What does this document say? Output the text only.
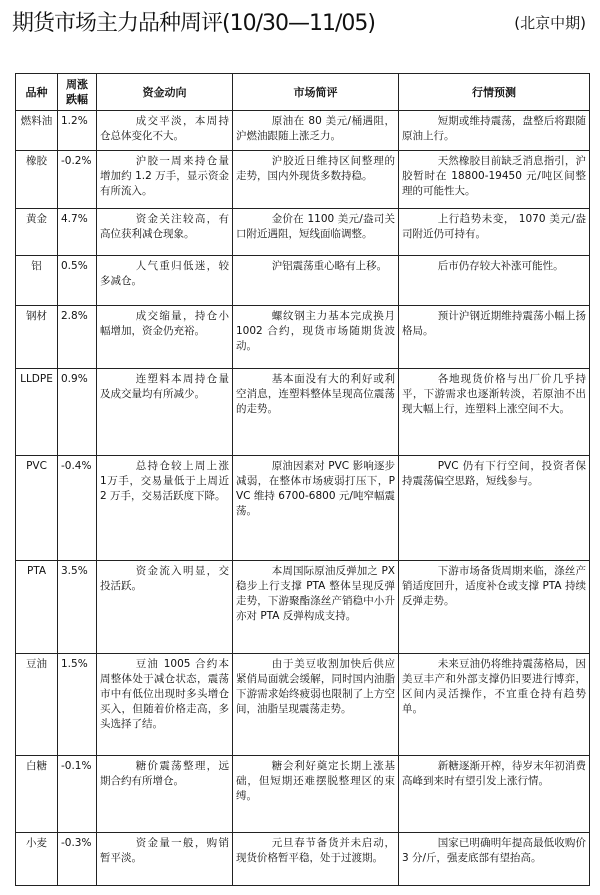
期货市场主力品种周评(10/30—11/05)	(北京中期)
品种	周涨跌幅	资金动向	市场简评	行情预测
燃料油	1.2%	成交平淡，本周持仓总体变化不大。	原油在 80 美元/桶遇阻，沪燃油跟随上涨乏力。	短期或维持震荡，盘整后将跟随原油上行。
橡胶	-0.2%	沪胶一周来持仓量增加约 1.2 万手，显示资金有所流入。	沪胶近日维持区间整理的走势，国内外现货多数持稳。	天然橡胶目前缺乏消息指引，沪胶暂时在 18800-19450 元/吨区间整理的可能性大。
黄金	4.7%	资金关注较高，有高位获利减仓现象。	金价在 1100 美元/盎司关口附近遇阻，短线面临调整。	上行趋势未变， 1070 美元/盎司附近仍可持有。
铝	0.5%	人气重归低迷，较多减仓。	沪铝震荡重心略有上移。	后市仍存较大补涨可能性。
钢材	2.8%	成交缩量，持仓小幅增加，资金仍充裕。	螺纹钢主力基本完成换月 1002 合约，现货市场随期货波动。	预计沪钢近期维持震荡小幅上扬格局。
LLDPE	0.9%	连塑料本周持仓量及成交量均有所减少。	基本面没有大的利好或利空消息，连塑料整体呈现高位震荡的走势。	各地现货价格与出厂价几乎持平，下游需求也逐渐转淡，若原油不出现大幅上行，连塑料上涨空间不大。
PVC	-0.4%	总持仓较上周上涨 1万手，交易量低于上周近 2 万手，交易活跃度下降。	原油因素对 PVC 影响逐步减弱，在整体市场疲弱打压下，PVC 维持 6700-6800 元/吨窄幅震荡。	PVC 仍有下行空间，投资者保持震荡偏空思路，短线参与。
PTA	3.5%	资金流入明显，交投活跃。	本周国际原油反弹加之 PX 稳步上行支撑 PTA 整体呈现反弹走势，下游聚酯涤丝产销稳中小升亦对 PTA 反弹构成支持。	下游市场备货周期来临，涤丝产销适度回升，适度补仓或支撑 PTA 持续反弹走势。
豆油	1.5%	豆油 1005 合约本周整体处于减仓状态，震荡市中有低位出现时多头增仓买入，但随着价格走高，多头选择了结。	由于美豆收割加快后供应紧俏局面就会缓解，同时国内油脂下游需求始终疲弱也限制了上方空间，油脂呈现震荡走势。	未来豆油仍将维持震荡格局，因美豆丰产和外部支撑仍旧要进行博弈，区间内灵活操作，不宜重仓持有趋势单。
白糖	-0.1%	糖价震荡整理，远期合约有所增仓。	糖会利好奠定长期上涨基础，但短期还难摆脱整理区的束缚。	新糖逐渐开榨，待岁末年初消费高峰到来时有望引发上涨行情。
小麦	-0.3%	资金量一般，购销暂平淡。	元旦春节备货并未启动，现货价格暂平稳，处于过渡期。	国家已明确明年提高最低收购价 3 分/斤，强麦底部有望抬高。
